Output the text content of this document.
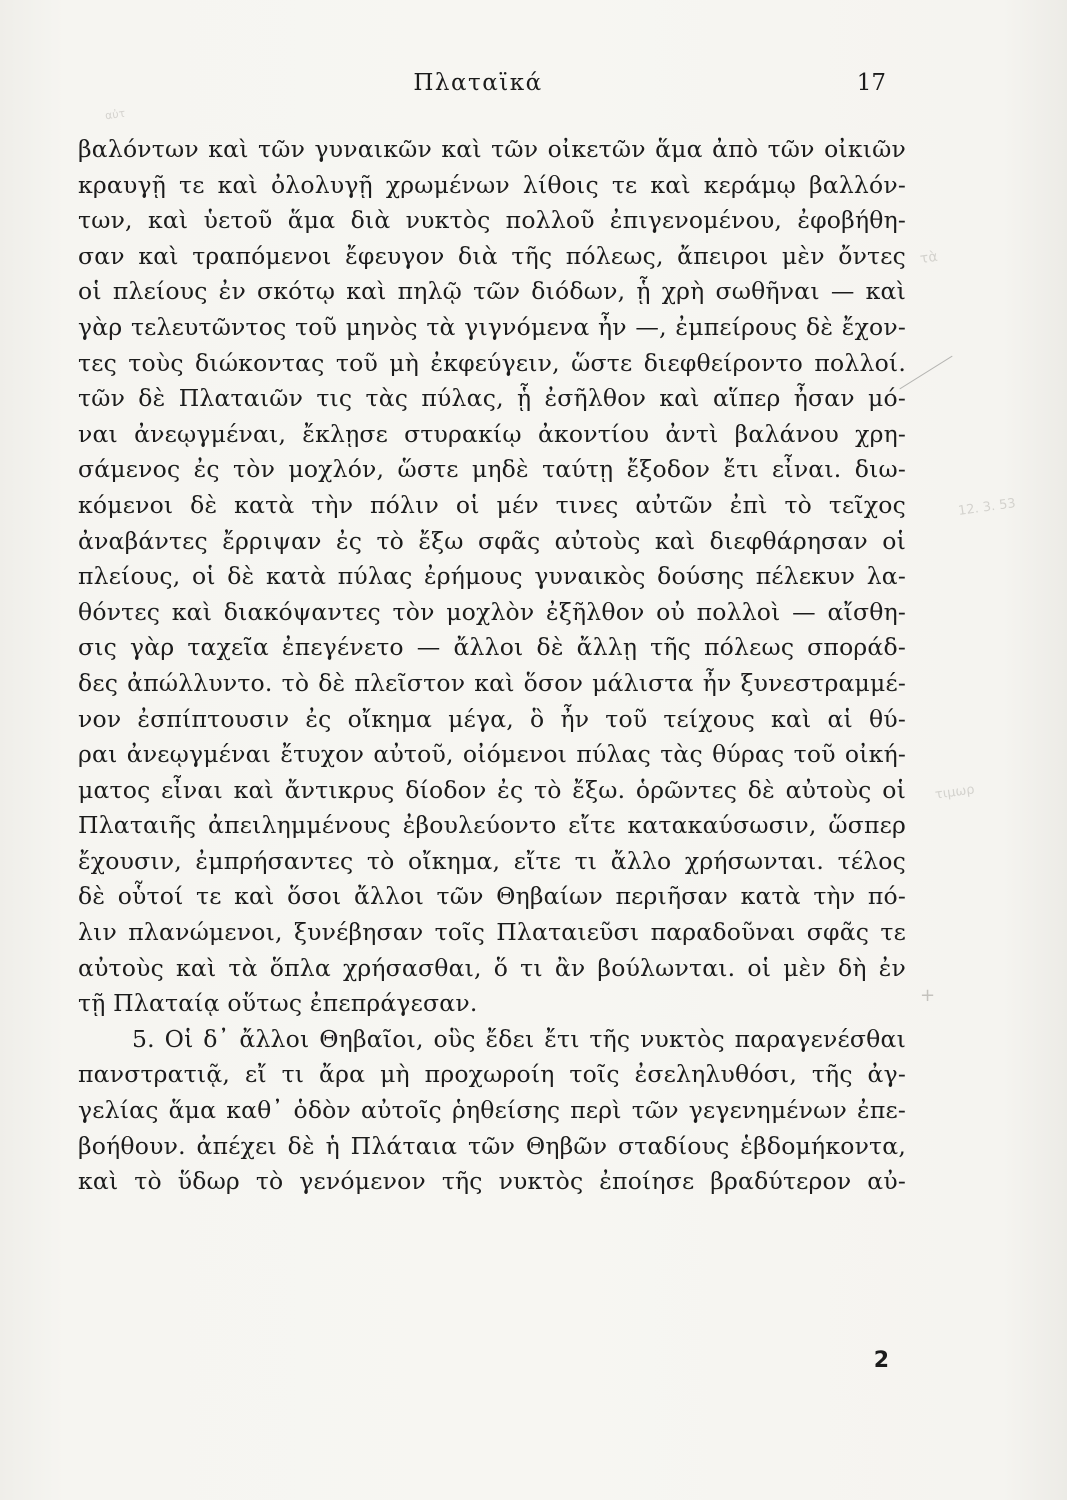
Πλαταϊκά	17
αὐτ
τὰ
12. 3. 53
τιμωρ
+
βαλόντων καὶ τῶν γυναικῶν καὶ τῶν οἰκετῶν ἅμα ἀπὸ τῶν οἰκιῶν
κραυγῇ τε καὶ ὀλολυγῇ χρωμένων λίθοις τε καὶ κεράμῳ βαλλόν-
των, καὶ ὑετοῦ ἅμα διὰ νυκτὸς πολλοῦ ἐπιγενομένου, ἐφοβήθη-
σαν καὶ τραπόμενοι ἔφευγον διὰ τῆς πόλεως, ἄπειροι μὲν ὄντες
οἱ πλείους ἐν σκότῳ καὶ πηλῷ τῶν διόδων, ᾗ χρὴ σωθῆναι — καὶ
γὰρ τελευτῶντος τοῦ μηνὸς τὰ γιγνόμενα ἦν —, ἐμπείρους δὲ ἔχον-
τες τοὺς διώκοντας τοῦ μὴ ἐκφεύγειν, ὥστε διεφθείροντο πολλοί.
τῶν δὲ Πλαταιῶν τις τὰς πύλας, ᾗ ἐσῆλθον καὶ αἵπερ ἦσαν μό-
ναι ἀνεῳγμέναι, ἔκλῃσε στυρακίῳ ἀκοντίου ἀντὶ βαλάνου χρη-
σάμενος ἐς τὸν μοχλόν, ὥστε μηδὲ ταύτῃ ἔξοδον ἔτι εἶναι. διω-
κόμενοι δὲ κατὰ τὴν πόλιν οἱ μέν τινες αὐτῶν ἐπὶ τὸ τεῖχος
ἀναβάντες ἔρριψαν ἐς τὸ ἔξω σφᾶς αὐτοὺς καὶ διεφθάρησαν οἱ
πλείους, οἱ δὲ κατὰ πύλας ἐρήμους γυναικὸς δούσης πέλεκυν λα-
θόντες καὶ διακόψαντες τὸν μοχλὸν ἐξῆλθον οὐ πολλοὶ — αἴσθη-
σις γὰρ ταχεῖα ἐπεγένετο — ἄλλοι δὲ ἄλλῃ τῆς πόλεως σποράδ-
δες ἀπώλλυντο. τὸ δὲ πλεῖστον καὶ ὅσον μάλιστα ἦν ξυνεστραμμέ-
νον ἐσπίπτουσιν ἐς οἴκημα μέγα, ὃ ἦν τοῦ τείχους καὶ αἱ θύ-
ραι ἀνεῳγμέναι ἔτυχον αὐτοῦ, οἰόμενοι πύλας τὰς θύρας τοῦ οἰκή-
ματος εἶναι καὶ ἄντικρυς δίοδον ἐς τὸ ἔξω. ὁρῶντες δὲ αὐτοὺς οἱ
Πλαταιῆς ἀπειλημμένους ἐβουλεύοντο εἴτε κατακαύσωσιν, ὥσπερ
ἔχουσιν, ἐμπρήσαντες τὸ οἴκημα, εἴτε τι ἄλλο χρήσωνται. τέλος
δὲ οὗτοί τε καὶ ὅσοι ἄλλοι τῶν Θηβαίων περιῆσαν κατὰ τὴν πό-
λιν πλανώμενοι, ξυνέβησαν τοῖς Πλαταιεῦσι παραδοῦναι σφᾶς τε
αὐτοὺς καὶ τὰ ὅπλα χρήσασθαι, ὅ τι ἂν βούλωνται. οἱ μὲν δὴ ἐν
τῇ Πλαταίᾳ οὕτως ἐπεπράγεσαν.
5. Οἱ δ᾽ ἄλλοι Θηβαῖοι, οὓς ἔδει ἔτι τῆς νυκτὸς παραγενέσθαι
πανστρατιᾷ, εἴ τι ἄρα μὴ προχωροίη τοῖς ἐσεληλυθόσι, τῆς ἀγ-
γελίας ἅμα καθ᾽ ὁδὸν αὐτοῖς ῥηθείσης περὶ τῶν γεγενημένων ἐπε-
βοήθουν. ἀπέχει δὲ ἡ Πλάταια τῶν Θηβῶν σταδίους ἑβδομήκοντα,
καὶ τὸ ὕδωρ τὸ γενόμενον τῆς νυκτὸς ἐποίησε βραδύτερον αὐ-
2
